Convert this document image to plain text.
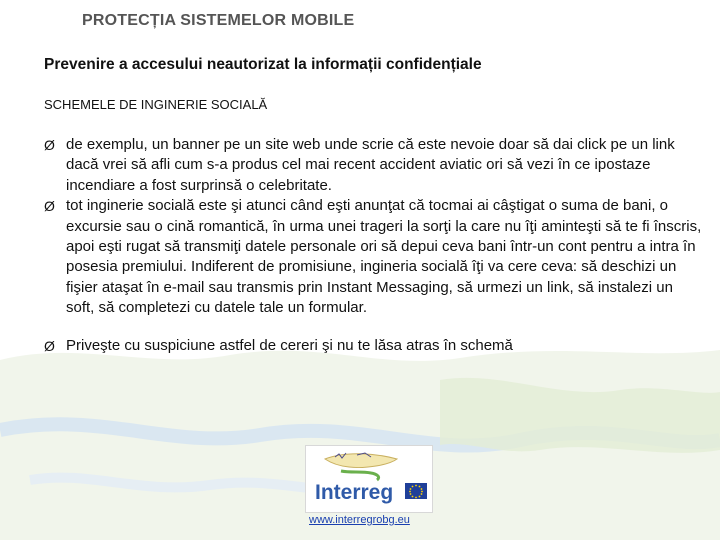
PROTECȚIA SISTEMELOR MOBILE
Prevenire a accesului neautorizat la informații confidențiale
SCHEMELE DE INGINERIE SOCIALĂ
Ø de exemplu, un banner pe un site web unde scrie că este nevoie doar să dai click pe un link dacă vrei să afli cum s-a produs cel mai recent accident aviatic ori să vezi în ce ipostaze incendiare a fost surprinsă o celebritate.
Ø tot inginerie socială este şi atunci când eşti anunţat că tocmai ai câştigat o suma de bani, o excursie sau o cină romantică, în urma unei trageri la sorţi la care nu îţi aminteşti să te fi înscris, apoi eşti rugat să transmiţi datele personale ori să depui ceva bani într-un cont pentru a intra în posesia premiului. Indiferent de promisiune, ingineria socială îţi va cere ceva: să deschizi un fişier ataşat în e-mail sau transmis prin Instant Messaging, să urmezi un link, să instalezi un soft, să completezi cu datele tale un formular.
Ø Priveşte cu suspiciune astfel de cereri şi nu te lăsa atras în schemă
Interreg
www.interregrobg.eu
